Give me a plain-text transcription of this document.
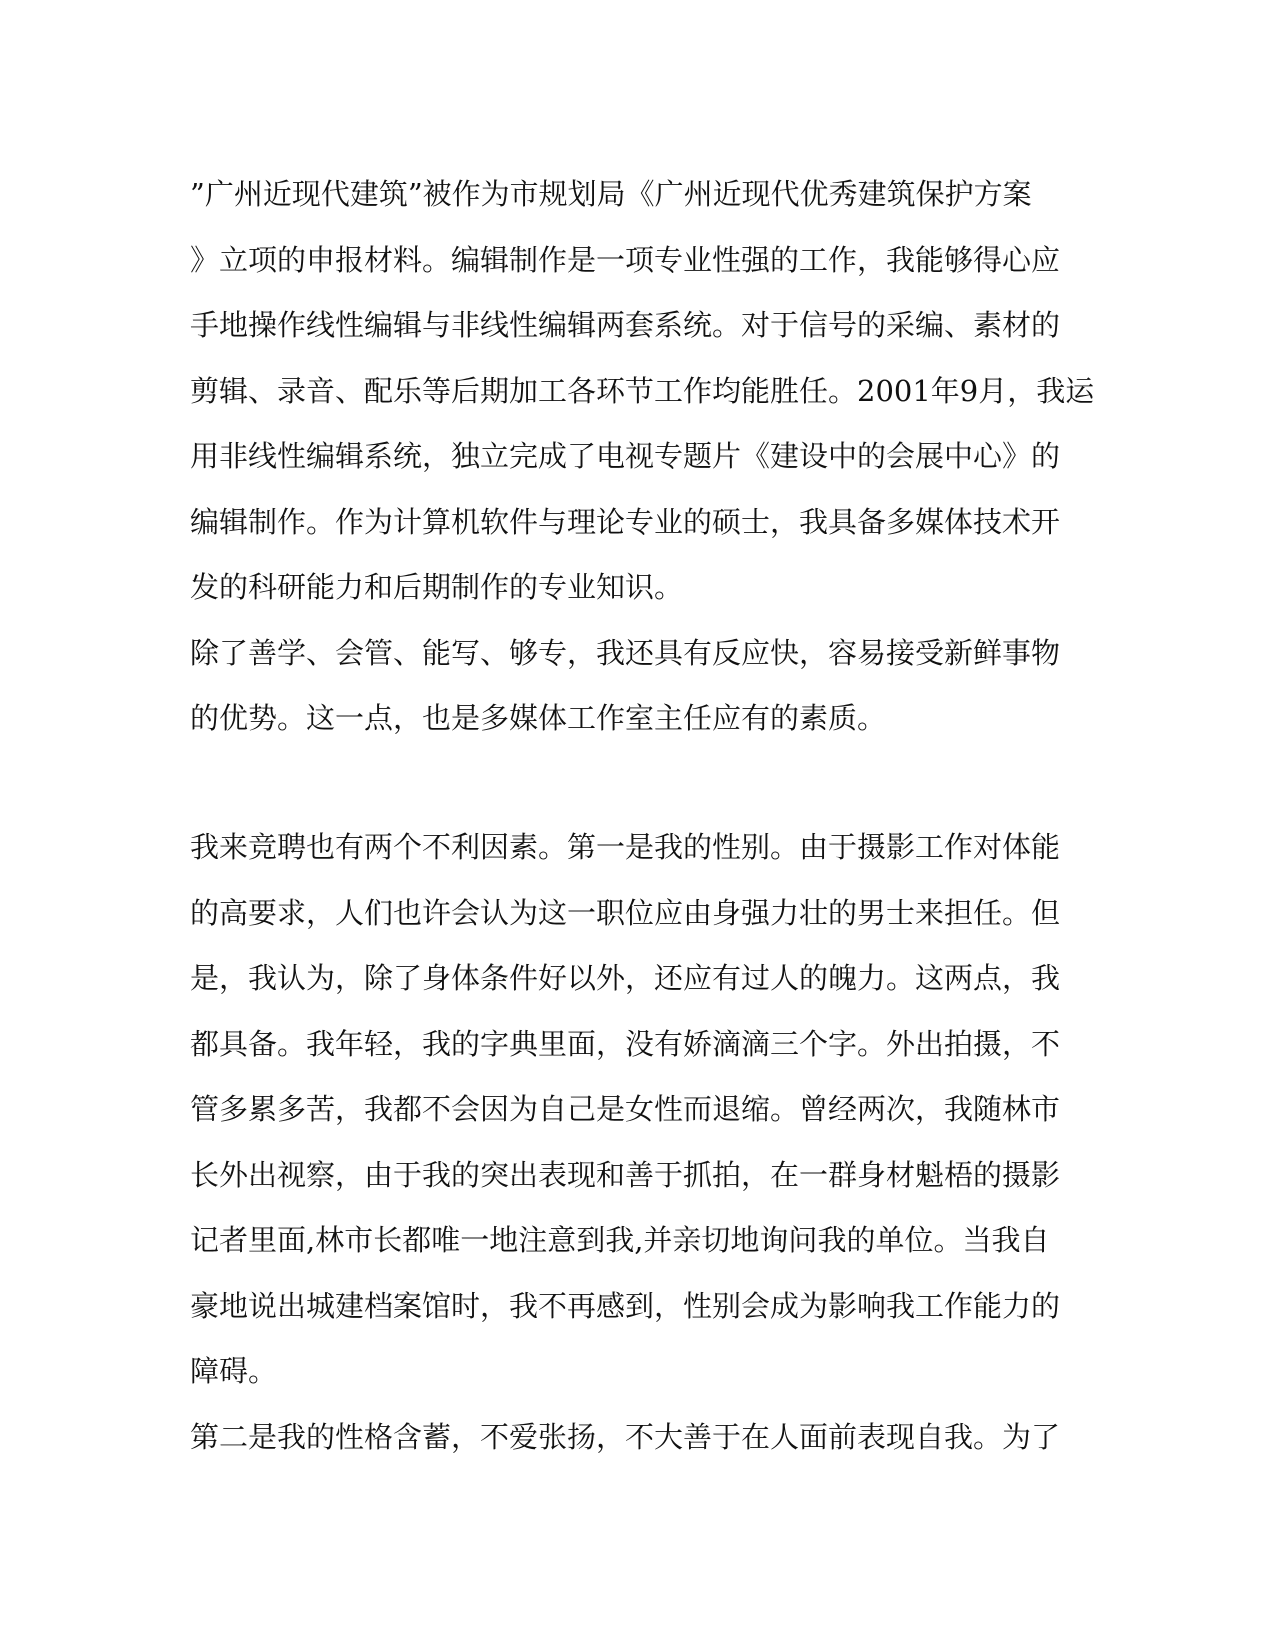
”广州近现代建筑”被作为市规划局《广州近现代优秀建筑保护方案
》立项的申报材料。编辑制作是一项专业性强的工作，我能够得心应
手地操作线性编辑与非线性编辑两套系统。对于信号的采编、素材的
剪辑、录音、配乐等后期加工各环节工作均能胜任。2001年9月，我运
用非线性编辑系统，独立完成了电视专题片《建设中的会展中心》的
编辑制作。作为计算机软件与理论专业的硕士，我具备多媒体技术开
发的科研能力和后期制作的专业知识。
除了善学、会管、能写、够专，我还具有反应快，容易接受新鲜事物
的优势。这一点，也是多媒体工作室主任应有的素质。
我来竞聘也有两个不利因素。第一是我的性别。由于摄影工作对体能
的高要求，人们也许会认为这一职位应由身强力壮的男士来担任。但
是，我认为，除了身体条件好以外，还应有过人的魄力。这两点，我
都具备。我年轻，我的字典里面，没有娇滴滴三个字。外出拍摄，不
管多累多苦，我都不会因为自己是女性而退缩。曾经两次，我随林市
长外出视察，由于我的突出表现和善于抓拍，在一群身材魁梧的摄影
记者里面,林市长都唯一地注意到我,并亲切地询问我的单位。当我自
豪地说出城建档案馆时，我不再感到，性别会成为影响我工作能力的
障碍。
第二是我的性格含蓄，不爱张扬，不大善于在人面前表现自我。为了
